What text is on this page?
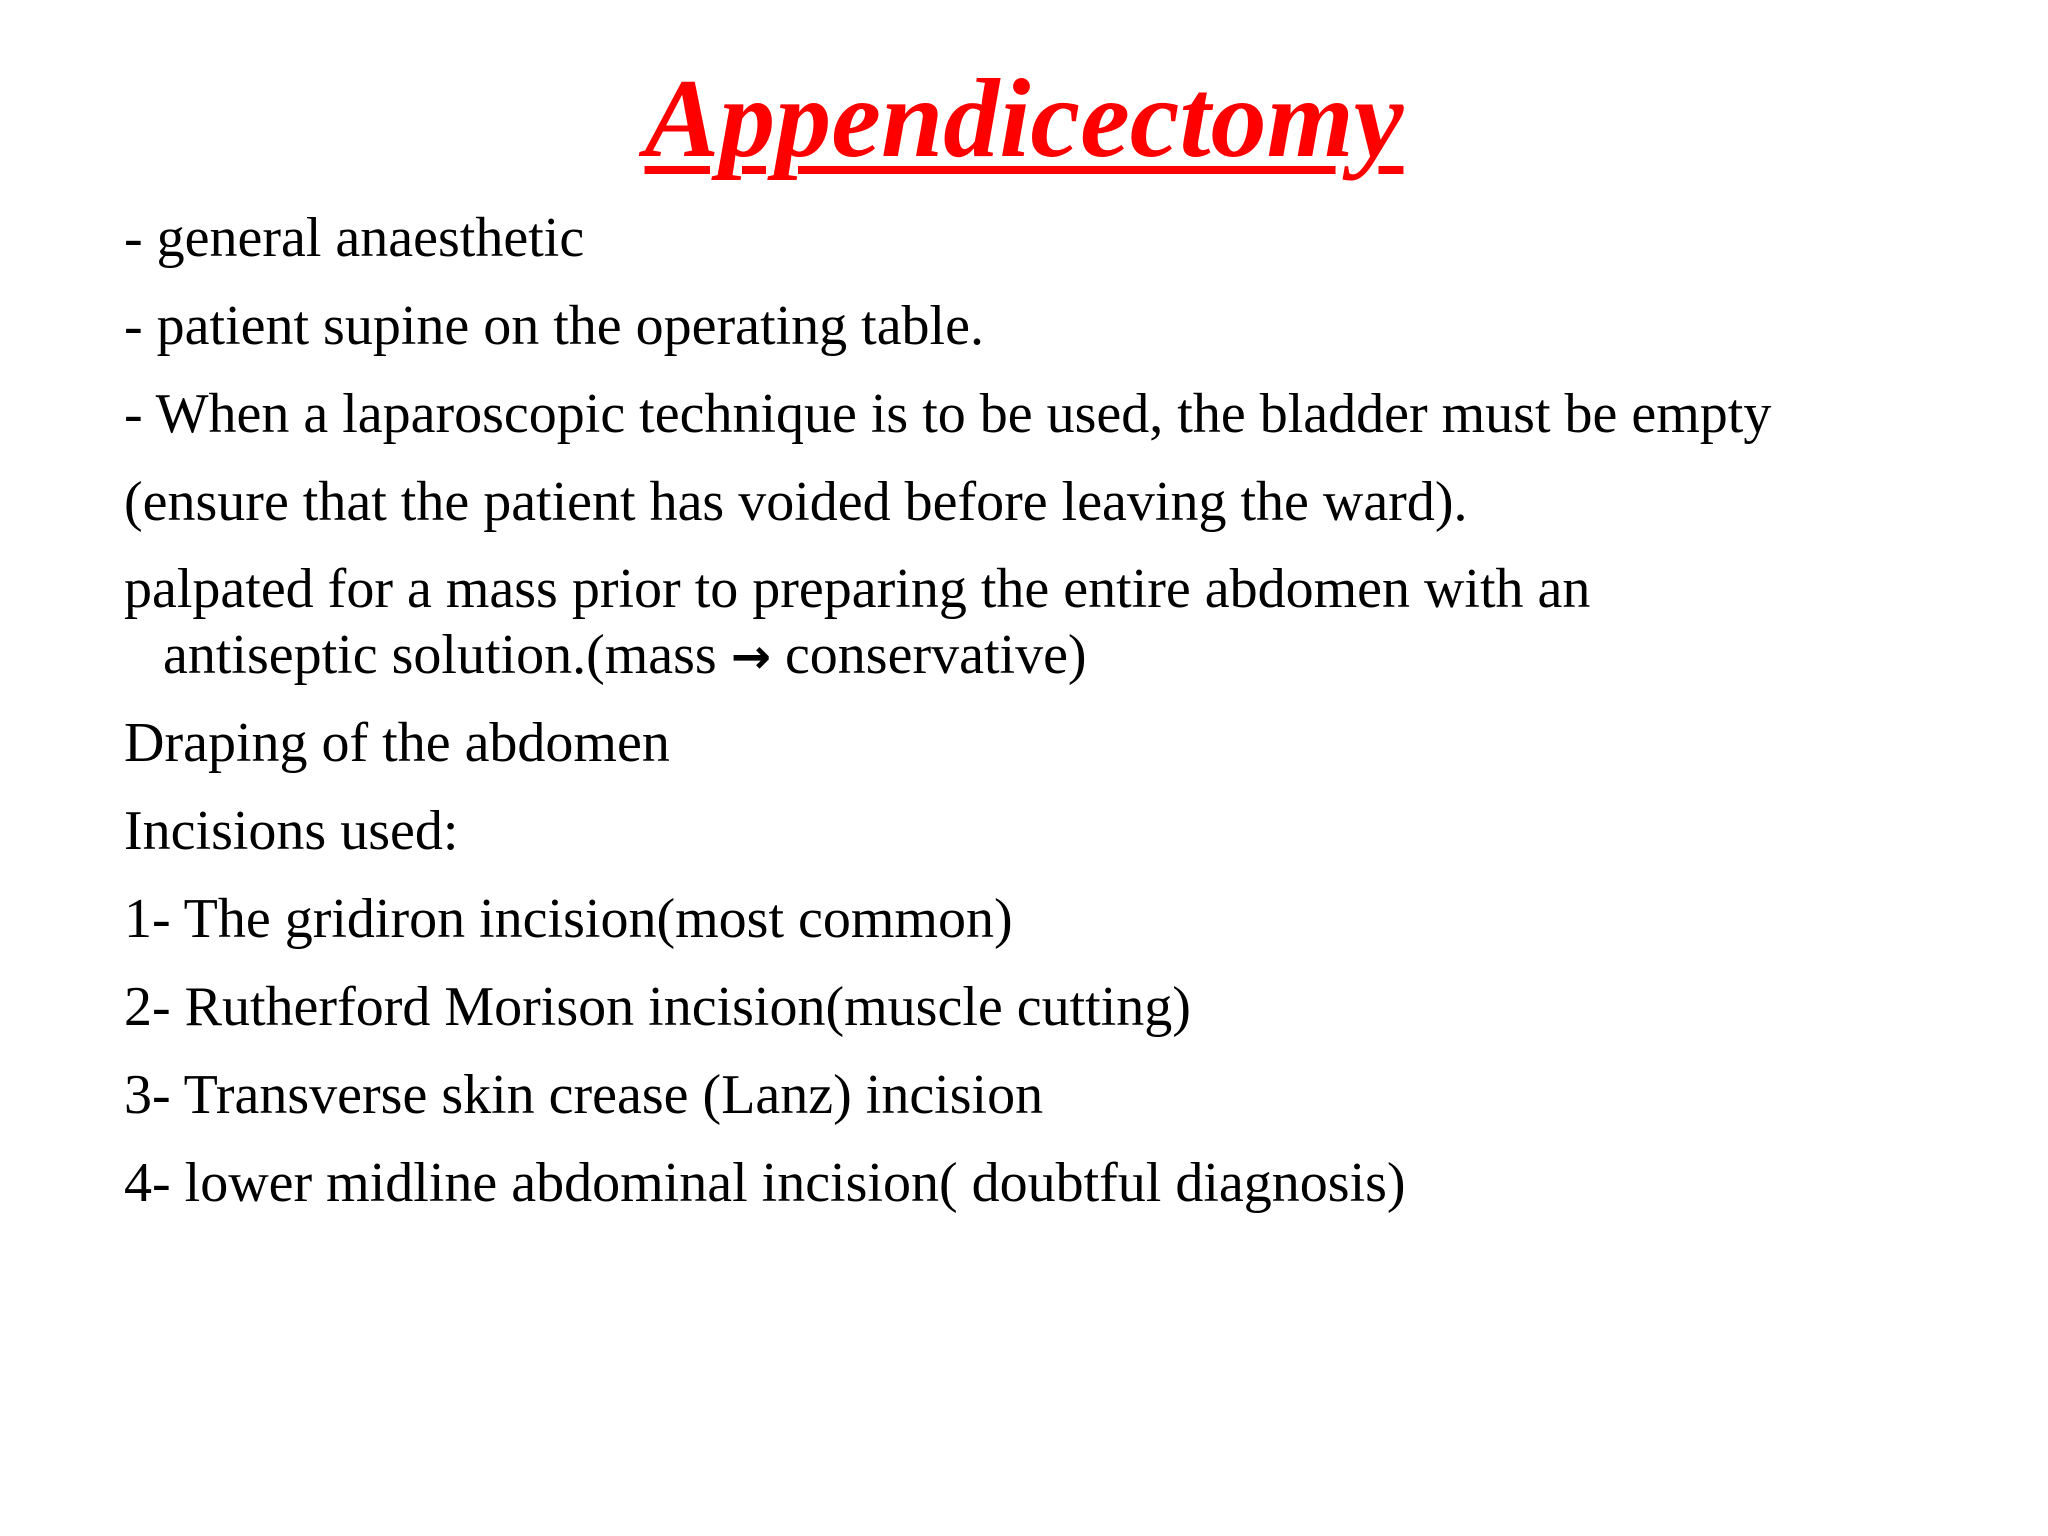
Appendicectomy
- general anaesthetic
- patient supine on the operating table.
- When a laparoscopic technique is to be used, the bladder must be empty
(ensure that the patient has voided before leaving the ward).
palpated for a mass prior to preparing the entire abdomen with an
antiseptic solution.(mass → conservative)
Draping of the abdomen
Incisions used:
1- The gridiron incision(most common)
2- Rutherford Morison incision(muscle cutting)
3- Transverse skin crease (Lanz) incision
4- lower midline abdominal incision( doubtful diagnosis)
